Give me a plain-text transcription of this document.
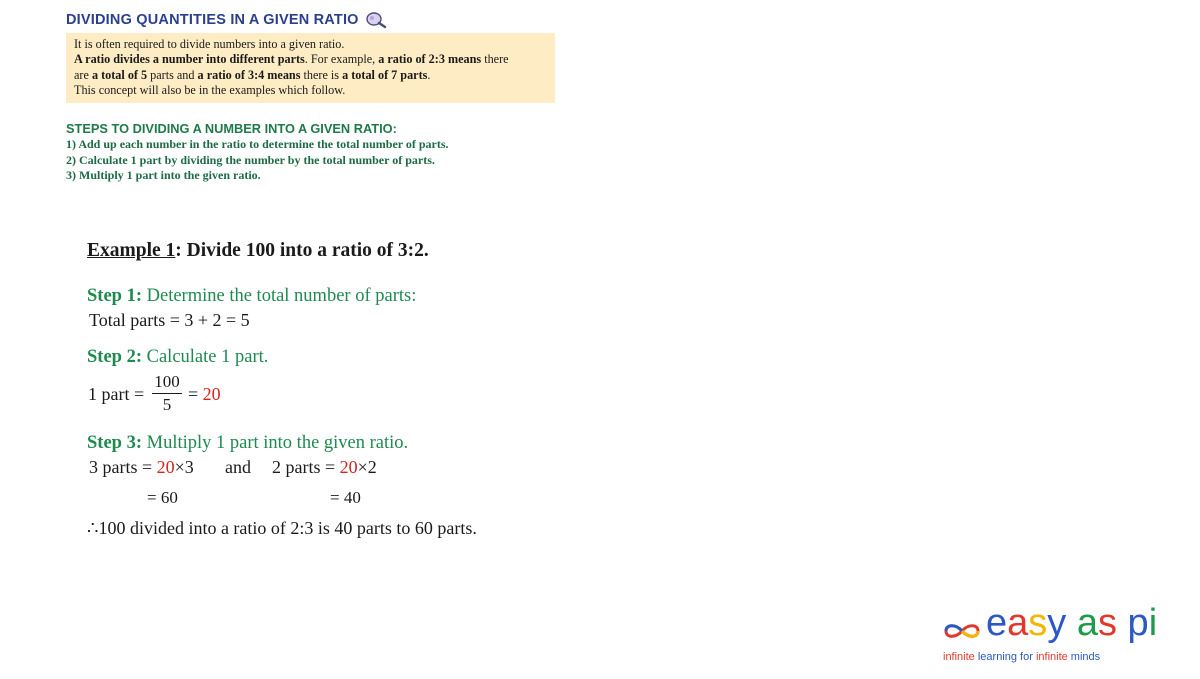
DIVIDING QUANTITIES IN A GIVEN RATIO

It is often required to divide numbers into a given ratio.

A ratio divides a number into different parts. For example, a ratio of 2:3 means there

are a total of 5 parts and a ratio of 3:4 means there is a total of 7 parts.

This concept will also be in the examples which follow.

STEPS TO DIVIDING A NUMBER INTO A GIVEN RATIO:
1) Add up each number in the ratio to determine the total number of parts.
2) Calculate 1 part by dividing the number by the total number of parts.
3) Multiply 1 part into the given ratio.
Example 1: Divide 100 into a ratio of 3:2.
Step 1: Determine the total number of parts:
Total parts = 3 + 2 = 5
Step 2: Calculate 1 part.
1 part =
100
5
= 20
Step 3: Multiply 1 part into the given ratio.
3 parts = 20×3 and 2 parts = 20×2
= 60	= 40
∴100 divided into a ratio of 2:3 is 40 parts to 60 parts.
easy as pi
infinite learning for infinite minds
